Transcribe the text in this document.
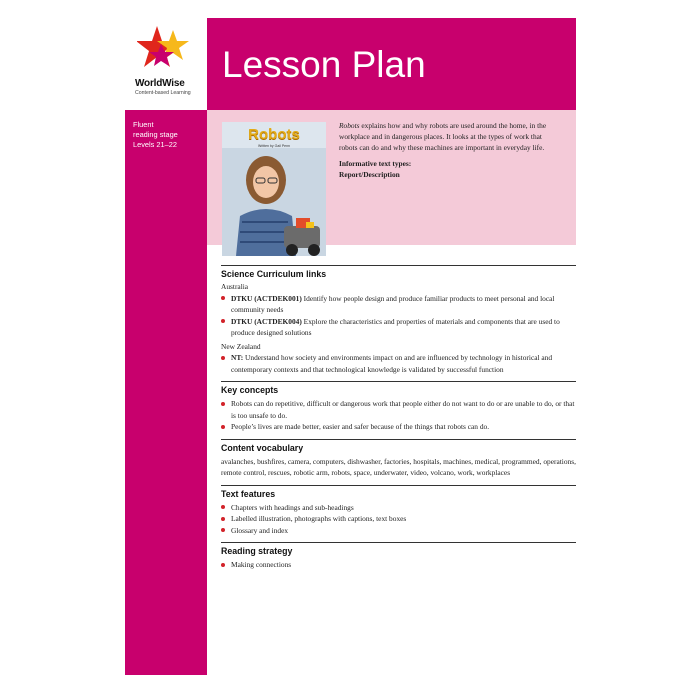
WorldWise
Content-based Learning
Fluent
reading stage
Levels 21–22
Lesson Plan
Robots
Written by Gail Penn

Robots explains how and why robots are used around the home, in the workplace and in dangerous places. It looks at the types of work that robots can do and why these machines are important in everyday life.

Informative text types:
Report/Description
Science Curriculum links

Australia

DTKU (ACTDEK001) Identify how people design and produce familiar products to meet personal and local community needs
DTKU (ACTDEK004) Explore the characteristics and properties of materials and components that are used to produce designed solutions

New Zealand

NT: Understand how society and environments impact on and are influenced by technology in historical and contemporary contexts and that technological knowledge is validated by successful function
Key concepts
Robots can do repetitive, difficult or dangerous work that people either do not want to do or are unable to do, or that is too unsafe to do.
People’s lives are made better, easier and safer because of the things that robots can do.
Content vocabulary

avalanches, bushfires, camera, computers, dishwasher, factories, hospitals, machines, medical, programmed, operations, remote control, rescues, robotic arm, robots, space, underwater, video, volcano, work, workplaces

Text features
Chapters with headings and sub-headings
Labelled illustration, photographs with captions, text boxes
Glossary and index
Reading strategy
Making connections
